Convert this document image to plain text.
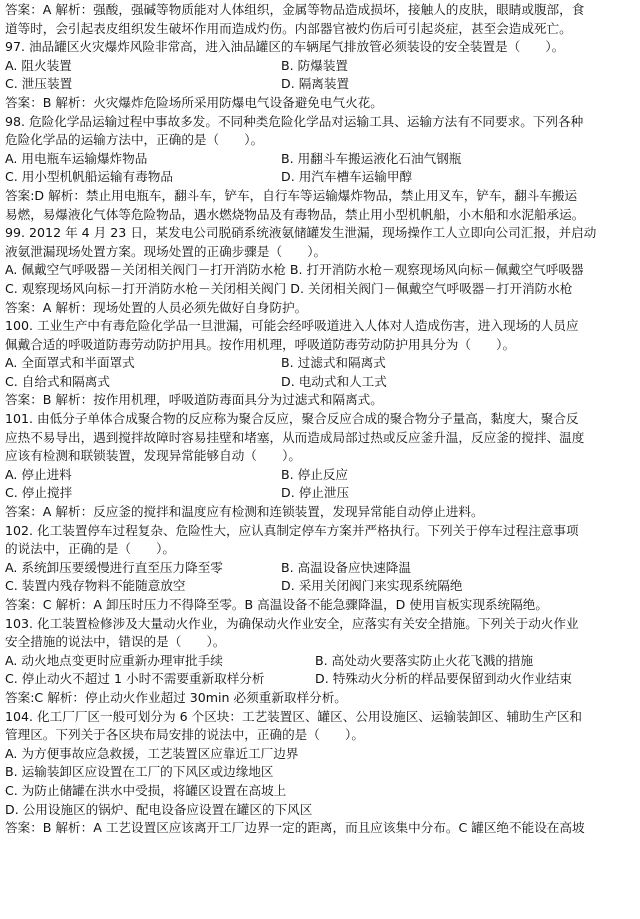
答案：A 解析：强酸，强碱等物质能对人体组织，金属等物品造成损坏，接触人的皮肤，眼睛或腹部，食
道等时，会引起表皮组织发生破坏作用而造成灼伤。内部器官被灼伤后可引起炎症，甚至会造成死亡。
97. 油品罐区火灾爆炸风险非常高，进入油品罐区的车辆尾气排放管必须装设的安全装置是（　　）。
A. 阻火装置	B. 防爆装置
C. 泄压装置	D. 隔离装置
答案：B 解析：火灾爆炸危险场所采用防爆电气设备避免电气火花。
98. 危险化学品运输过程中事故多发。不同种类危险化学品对运输工具、运输方法有不同要求。下列各种
危险化学品的运输方法中，正确的是（　　）。
A. 用电瓶车运输爆炸物品	B. 用翻斗车搬运液化石油气钢瓶
C. 用小型机帆船运输有毒物品	D. 用汽车槽车运输甲醇
答案:D 解析：禁止用电瓶车，翻斗车，铲车，自行车等运输爆炸物品，禁止用叉车，铲车，翻斗车搬运
易燃，易爆液化气体等危险物品，遇水燃烧物品及有毒物品，禁止用小型机帆船，小木船和水泥船承运。
99. 2012 年 4 月 23 日，某发电公司脱硝系统液氨储罐发生泄漏，现场操作工人立即向公司汇报，并启动
液氨泄漏现场处置方案。现场处置的正确步骤是（　　）。
A. 佩戴空气呼吸器－关闭相关阀门－打开消防水枪 B. 打开消防水枪－观察现场风向标－佩戴空气呼吸器
C. 观察现场风向标－打开消防水枪－关闭相关阀门 D. 关闭相关阀门－佩戴空气呼吸器－打开消防水枪
答案：A 解析：现场处置的人员必须先做好自身防护。
100. 工业生产中有毒危险化学品一旦泄漏，可能会经呼吸道进入人体对人造成伤害，进入现场的人员应
佩戴合适的呼吸道防毒劳动防护用具。按作用机理，呼吸道防毒劳动防护用具分为（　　）。
A. 全面罩式和半面罩式	B. 过滤式和隔离式
C. 自给式和隔离式	D. 电动式和人工式
答案：B 解析：按作用机理，呼吸道防毒面具分为过滤式和隔离式。
101. 由低分子单体合成聚合物的反应称为聚合反应，聚合反应合成的聚合物分子量高，黏度大，聚合反
应热不易导出，遇到搅拌故障时容易挂壁和堵塞，从而造成局部过热或反应釜升温，反应釜的搅拌、温度
应该有检测和联锁装置，发现异常能够自动（　　）。
A. 停止进料	B. 停止反应
C. 停止搅拌	D. 停止泄压
答案：A 解析：反应釜的搅拌和温度应有检测和连锁装置，发现异常能自动停止进料。
102. 化工装置停车过程复杂、危险性大，应认真制定停车方案并严格执行。下列关于停车过程注意事项
的说法中，正确的是（　　）。
A. 系统卸压要缓慢进行直至压力降至零	B. 高温设备应快速降温
C. 装置内残存物料不能随意放空	D. 采用关闭阀门来实现系统隔绝
答案：C 解析：A 卸压时压力不得降至零。B 高温设备不能急骤降温，D 使用盲板实现系统隔绝。
103. 化工装置检修涉及大量动火作业，为确保动火作业安全，应落实有关安全措施。下列关于动火作业
安全措施的说法中，错误的是（　　）。
A. 动火地点变更时应重新办理审批手续	B. 高处动火要落实防止火花飞溅的措施
C. 停止动火不超过 1 小时不需要重新取样分析	D. 特殊动火分析的样品要保留到动火作业结束
答案:C 解析：停止动火作业超过 30min 必须重新取样分析。
104. 化工厂厂区一般可划分为 6 个区块：工艺装置区、罐区、公用设施区、运输装卸区、辅助生产区和
管理区。下列关于各区块布局安排的说法中，正确的是（　　）。
A. 为方便事故应急救援，工艺装置区应靠近工厂边界
B. 运输装卸区应设置在工厂的下风区或边缘地区
C. 为防止储罐在洪水中受损，将罐区设置在高坡上
D. 公用设施区的锅炉、配电设备应设置在罐区的下风区
答案：B 解析：A 工艺设置区应该离开工厂边界一定的距离，而且应该集中分布。C 罐区绝不能设在高坡
